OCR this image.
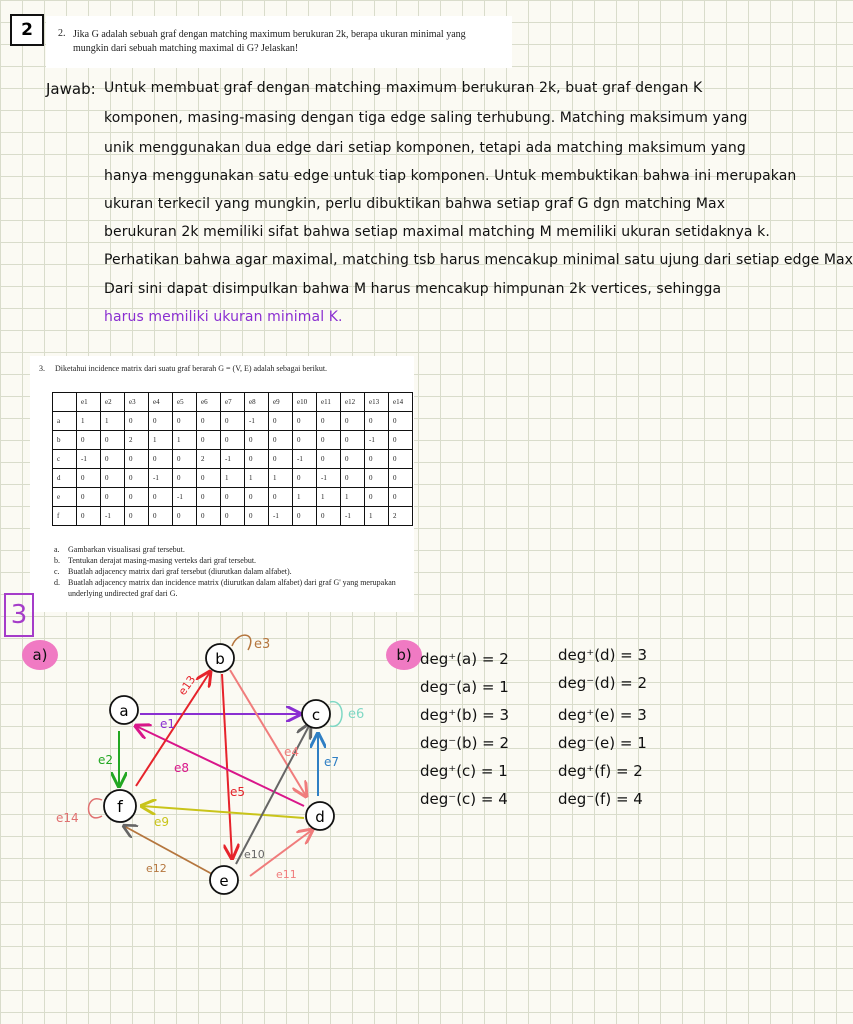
2	2. Jika G adalah sebuah graf dengan matching maximum berukuran 2k, berapa ukuran minimal yang mungkin dari sebuah matching maximal di G? Jelaskan!
Jawab: Untuk membuat graf dengan matching maximum berukuran 2k, buat graf dengan K
komponen, masing-masing dengan tiga edge saling terhubung. Matching maksimum yang
unik menggunakan dua edge dari setiap komponen, tetapi ada matching maksimum yang
hanya menggunakan satu edge untuk tiap komponen. Untuk membuktikan bahwa ini merupakan
ukuran terkecil yang mungkin, perlu dibuktikan bahwa setiap graf G dgn matching Max
berukuran 2k memiliki sifat bahwa setiap maximal matching M memiliki ukuran setidaknya k.
Perhatikan bahwa agar maximal, matching tsb harus mencakup minimal satu ujung dari setiap edge Max
Dari sini dapat disimpulkan bahwa M harus mencakup himpunan 2k vertices, sehingga
harus memiliki ukuran minimal K.
3. Diketahui incidence matrix dari suatu graf berarah G = (V, E) adalah sebagai berikut.
	e1	e2	e3	e4	e5	e6	e7	e8	e9	e10	e11	e12	e13	e14
a	1	1	0	0	0	0	0	-1	0	0	0	0	0	0
b	0	0	2	1	1	0	0	0	0	0	0	0	-1	0
c	-1	0	0	0	0	2	-1	0	0	-1	0	0	0	0
d	0	0	0	-1	0	0	1	1	1	0	-1	0	0	0
e	0	0	0	0	-1	0	0	0	0	1	1	1	0	0
f	0	-1	0	0	0	0	0	0	-1	0	0	-1	1	2
a.	Gambarkan visualisasi graf tersebut.
b.	Tentukan derajat masing-masing verteks dari graf tersebut.
c.	Buatlah adjacency matrix dari graf tersebut (diurutkan dalam alfabet).
d.	Buatlah adjacency matrix dan incidence matrix (diurutkan dalam alfabet) dari graf G' yang merupakan underlying undirected graf dari G.
3
a)	b)
a
b
c
d
e
f
e1
e2
e3
e4
e5
e6
e7
e8
e9
e10
e11
e12
e13
e14
deg⁺(a) = 2
deg⁻(a) = 1
deg⁺(b) = 3
deg⁻(b) = 2
deg⁺(c) = 1
deg⁻(c) = 4
deg⁺(d) = 3
deg⁻(d) = 2
deg⁺(e) = 3
deg⁻(e) = 1
deg⁺(f) = 2
deg⁻(f) = 4
